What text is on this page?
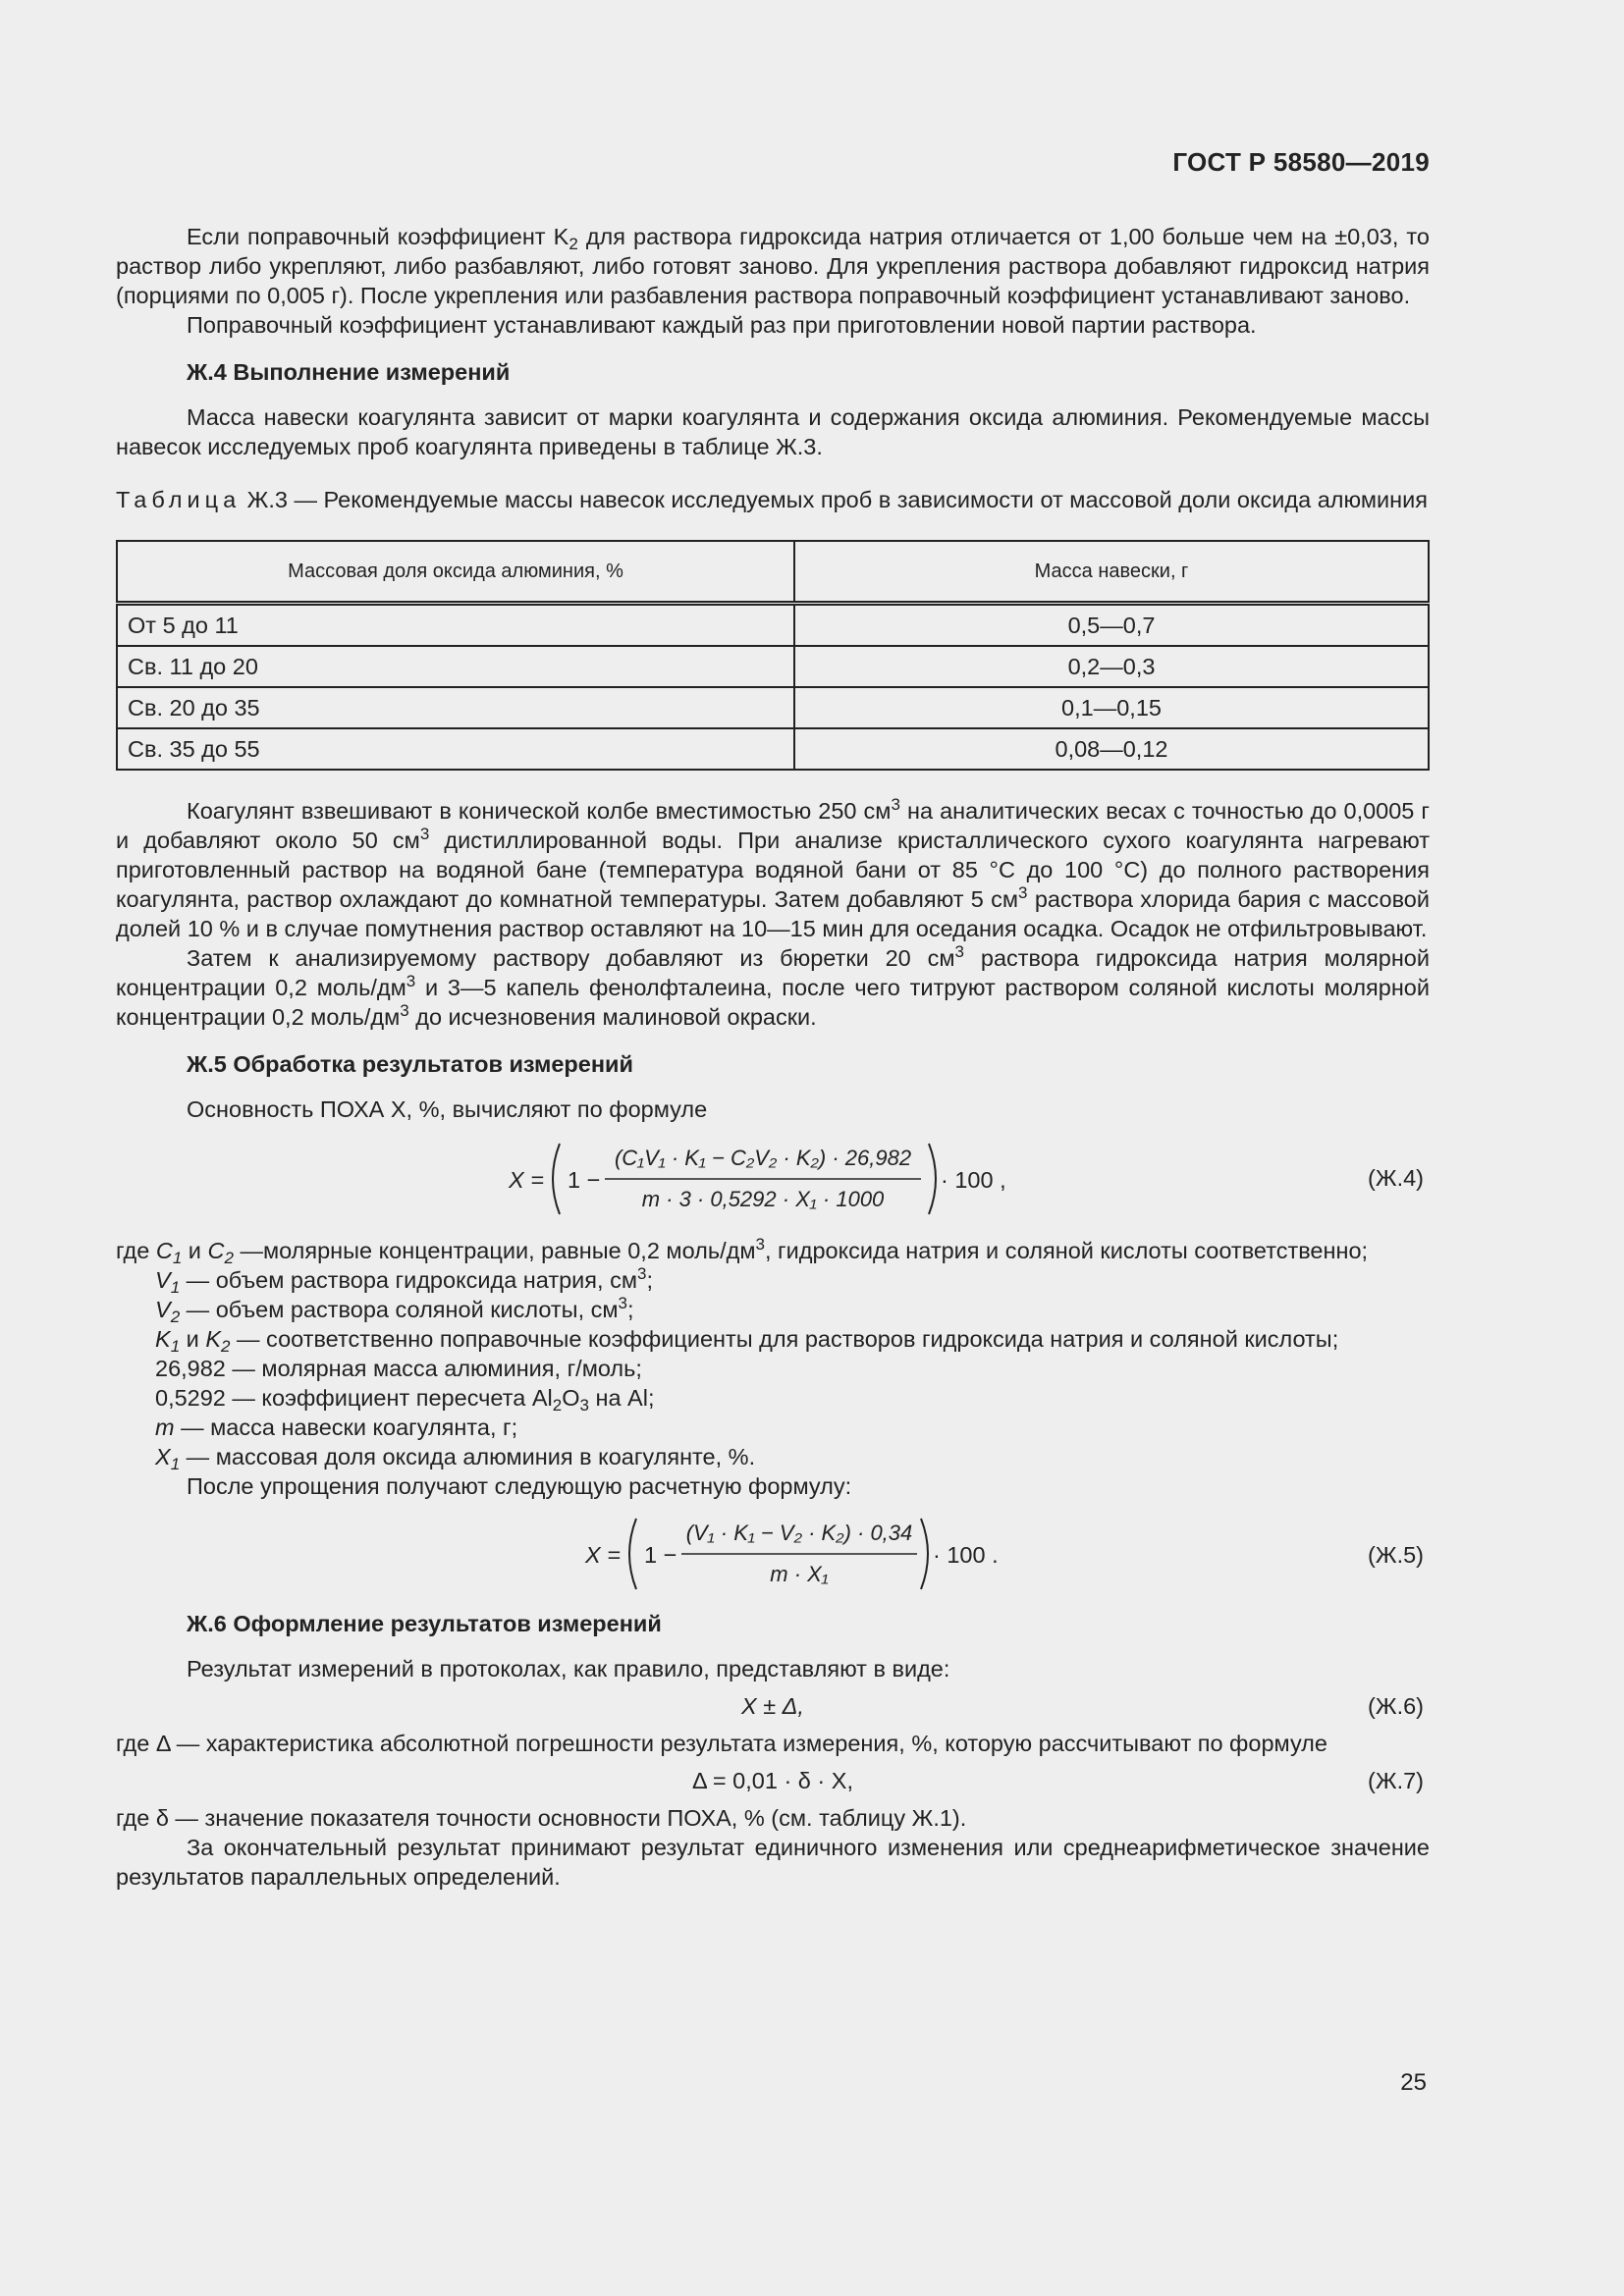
ГОСТ Р 58580—2019

Если поправочный коэффициент $K_2$ для раствора гидроксида натрия отличается от 1,00 больше чем на ±0,03, то раствор либо укрепляют, либо разбавляют, либо готовят заново. Для укрепления раствора добавляют гидроксид натрия (порциями по 0,005 г). После укрепления или разбавления раствора поправочный коэффициент устанавливают заново.

Поправочный коэффициент устанавливают каждый раз при приготовлении новой партии раствора.

Ж.4 Выполнение измерений

Масса навески коагулянта зависит от марки коагулянта и содержания оксида алюминия. Рекомендуемые массы навесок исследуемых проб коагулянта приведены в таблице Ж.3.

Таблица Ж.3 — Рекомендуемые массы навесок исследуемых проб в зависимости от массовой доли оксида алюминия

Массовая доля оксида алюминия, %	Масса навески, г
От 5 до 11	0,5—0,7
Св. 11 до 20	0,2—0,3
Св. 20 до 35	0,1—0,15
Св. 35 до 55	0,08—0,12

Коагулянт взвешивают в конической колбе вместимостью 250 $см^3$ на аналитических весах с точностью до 0,0005 г и добавляют около 50 $см^3$ дистиллированной воды. При анализе кристаллического сухого коагулянта нагревают приготовленный раствор на водяной бане (температура водяной бани от 85 °С до 100 °С) до полного растворения коагулянта, раствор охлаждают до комнатной температуры. Затем добавляют 5 $см^3$ раствора хлорида бария с массовой долей 10 % и в случае помутнения раствор оставляют на 10—15 мин для оседания осадка. Осадок не отфильтровывают.

Затем к анализируемому раствору добавляют из бюретки 20 $см^3$ раствора гидроксида натрия молярной концентрации 0,2 моль/$дм^3$ и 3—5 капель фенолфталеина, после чего титруют раствором соляной кислоты молярной концентрации 0,2 моль/$дм^3$ до исчезновения малиновой окраски.

Ж.5 Обработка результатов измерений

Основность ПОХА X, %, вычисляют по формуле

X = 1 −
(C₁V₁ · K₁ − C₂V₂ · K₂) · 26,982
m · 3 · 0,5292 · X₁ · 1000
· 100 ,	(Ж.4)

где $C_1$ и $C_2$ —молярные концентрации, равные 0,2 моль/$дм^3$, гидроксида натрия и соляной кислоты соответственно;

$V_1$ — объем раствора гидроксида натрия, $см^3$;

$V_2$ — объем раствора соляной кислоты, $см^3$;

$K_1$ и $K_2$ — соответственно поправочные коэффициенты для растворов гидроксида натрия и соляной кислоты;

26,982 — молярная масса алюминия, г/моль;

0,5292 — коэффициент пересчета $Al_2O_3$ на Al;

m — масса навески коагулянта, г;

$X_1$ — массовая доля оксида алюминия в коагулянте, %.

После упрощения получают следующую расчетную формулу:

X = 1 −
(V₁ · K₁ − V₂ · K₂) · 0,34
m · X₁
· 100 .	(Ж.5)

Ж.6 Оформление результатов измерений

Результат измерений в протоколах, как правило, представляют в виде:

X ± Δ,	(Ж.6)

где Δ — характеристика абсолютной погрешности результата измерения, %, которую рассчитывают по формуле

Δ = 0,01 · δ · X,	(Ж.7)

где δ — значение показателя точности основности ПОХА, % (см. таблицу Ж.1).

За окончательный результат принимают результат единичного изменения или среднеарифметическое значение результатов параллельных определений.

25
